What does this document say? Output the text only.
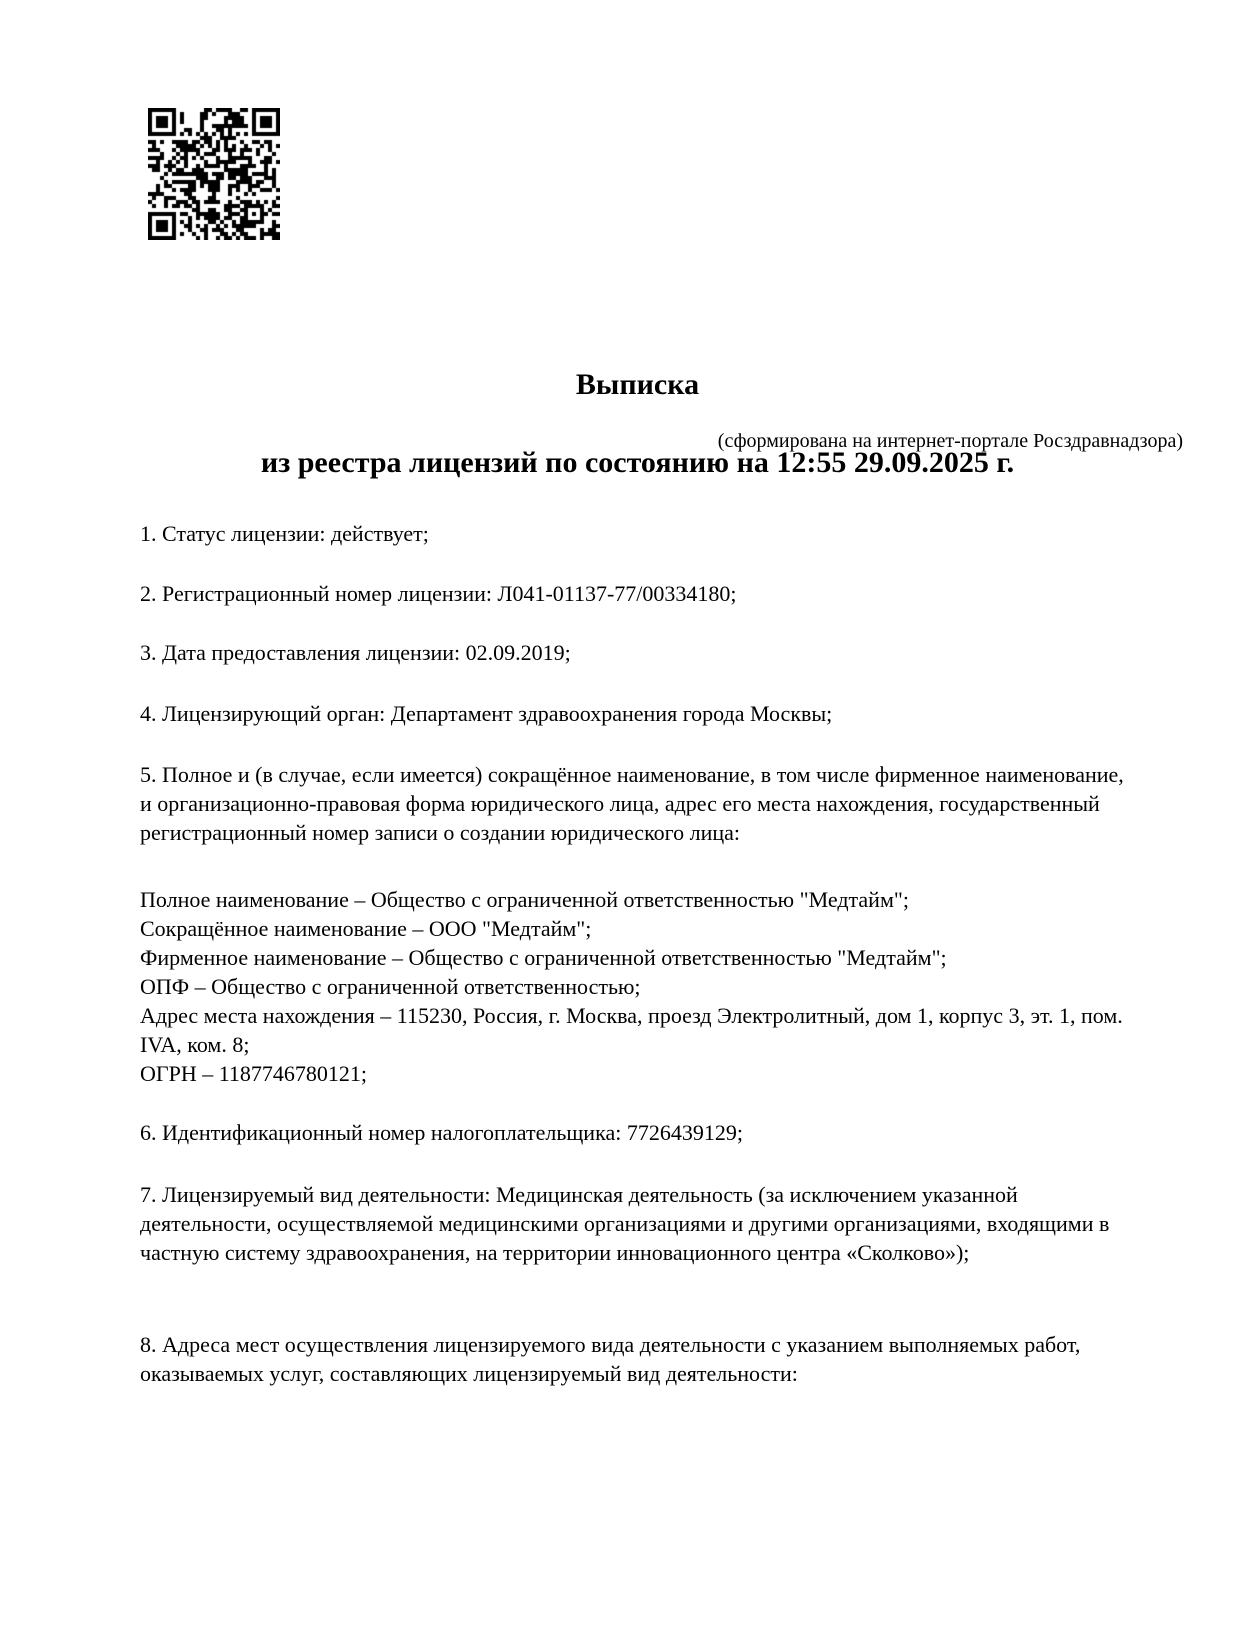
Выписка

из реестра лицензий по состоянию на 12:55 29.09.2025 г.

(сформирована на интернет-портале Росздравнадзора)
1. Статус лицензии: действует;
2. Регистрационный номер лицензии: Л041-01137-77/00334180;
3. Дата предоставления лицензии: 02.09.2019;
4. Лицензирующий орган: Департамент здравоохранения города Москвы;
5. Полное и (в случае, если имеется) сокращённое наименование, в том числе фирменное наименование, и организационно-правовая форма юридического лица, адрес его места нахождения, государственный регистрационный номер записи о создании юридического лица:
Полное наименование – Общество с ограниченной ответственностью "Медтайм";
Сокращённое наименование – ООО "Медтайм";
Фирменное наименование – Общество с ограниченной ответственностью "Медтайм";
ОПФ – Общество с ограниченной ответственностью;
Адрес места нахождения – 115230, Россия, г. Москва, проезд Электролитный, дом 1, корпус 3, эт. 1, пом. IVA, ком. 8;
ОГРН – 1187746780121;
6. Идентификационный номер налогоплательщика: 7726439129;
7. Лицензируемый вид деятельности: Медицинская деятельность (за исключением указанной деятельности, осуществляемой медицинскими организациями и другими организациями, входящими в частную систему здравоохранения, на территории инновационного центра «Сколково»);
8. Адреса мест осуществления лицензируемого вида деятельности с указанием выполняемых работ, оказываемых услуг, составляющих лицензируемый вид деятельности:
